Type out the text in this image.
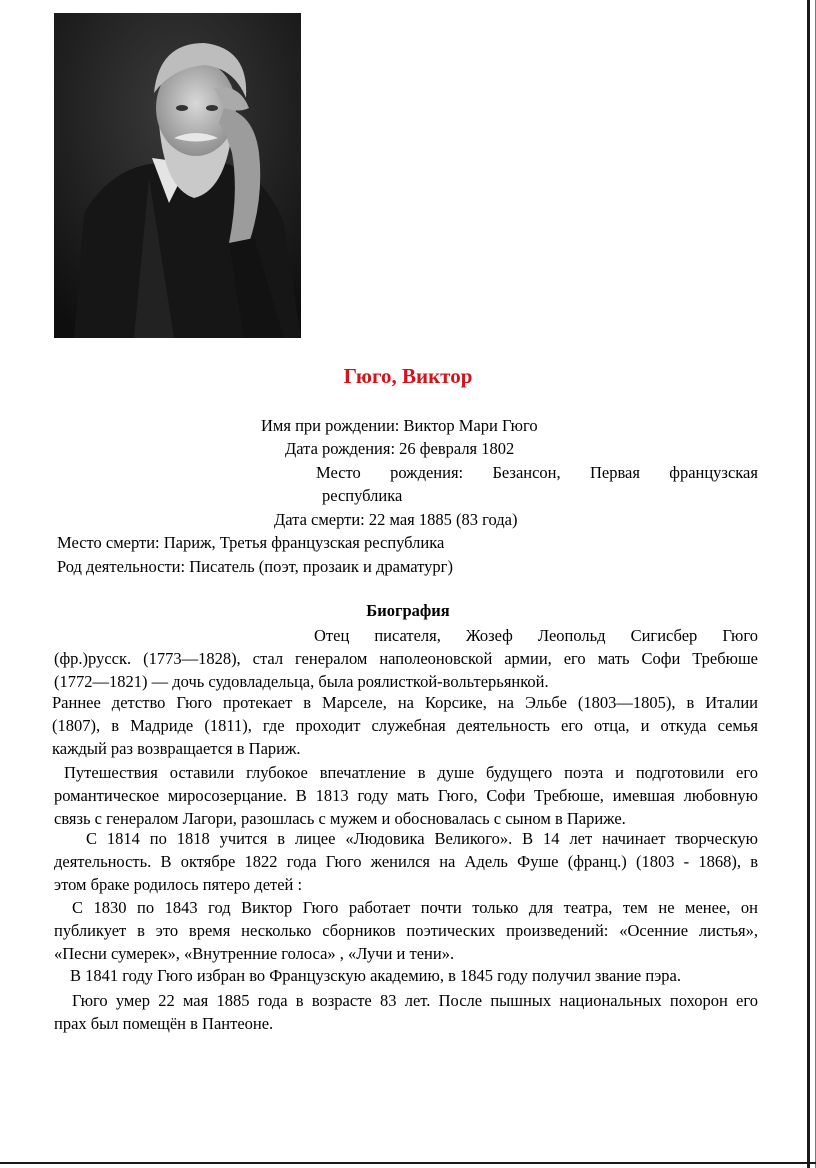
Гюго, Виктор
Имя при рождении: Виктор Мари Гюго
Дата рождения: 26 февраля 1802
Место рождения: Безансон, Первая французская
республика
Дата смерти: 22 мая 1885 (83 года)
Место смерти: Париж, Третья французская республика
Род деятельности: Писатель (поэт, прозаик и драматург)
Биография
Отец писателя, Жозеф Леопольд Сигисбер Гюго
(фр.)русск. (1773—1828), стал генералом наполеоновской армии, его мать Софи Требюше
(1772—1821) — дочь судовладельца, была роялисткой-вольтерьянкой.
Раннее детство Гюго протекает в Марселе, на Корсике, на Эльбе (1803—1805), в Италии
(1807), в Мадриде (1811), где проходит служебная деятельность его отца, и откуда семья
каждый раз возвращается в Париж.
Путешествия оставили глубокое впечатление в душе будущего поэта и подготовили его
романтическое миросозерцание. В 1813 году мать Гюго, Софи Требюше, имевшая любовную
связь с генералом Лагори, разошлась с мужем и обосновалась с сыном в Париже.
С 1814 по 1818 учится в лицее «Людовика Великого». В 14 лет начинает творческую
деятельность. В октябре 1822 года Гюго женился на Адель Фуше (франц.) (1803 - 1868), в
этом браке родилось пятеро детей :
С 1830 по 1843 год Виктор Гюго работает почти только для театра, тем не менее, он
публикует в это время несколько сборников поэтических произведений: «Осенние листья»,
«Песни сумерек», «Внутренние голоса» , «Лучи и тени».
В 1841 году Гюго избран во Французскую академию, в 1845 году получил звание пэра.
Гюго умер 22 мая 1885 года в возрасте 83 лет. После пышных национальных похорон его
прах был помещён в Пантеоне.
